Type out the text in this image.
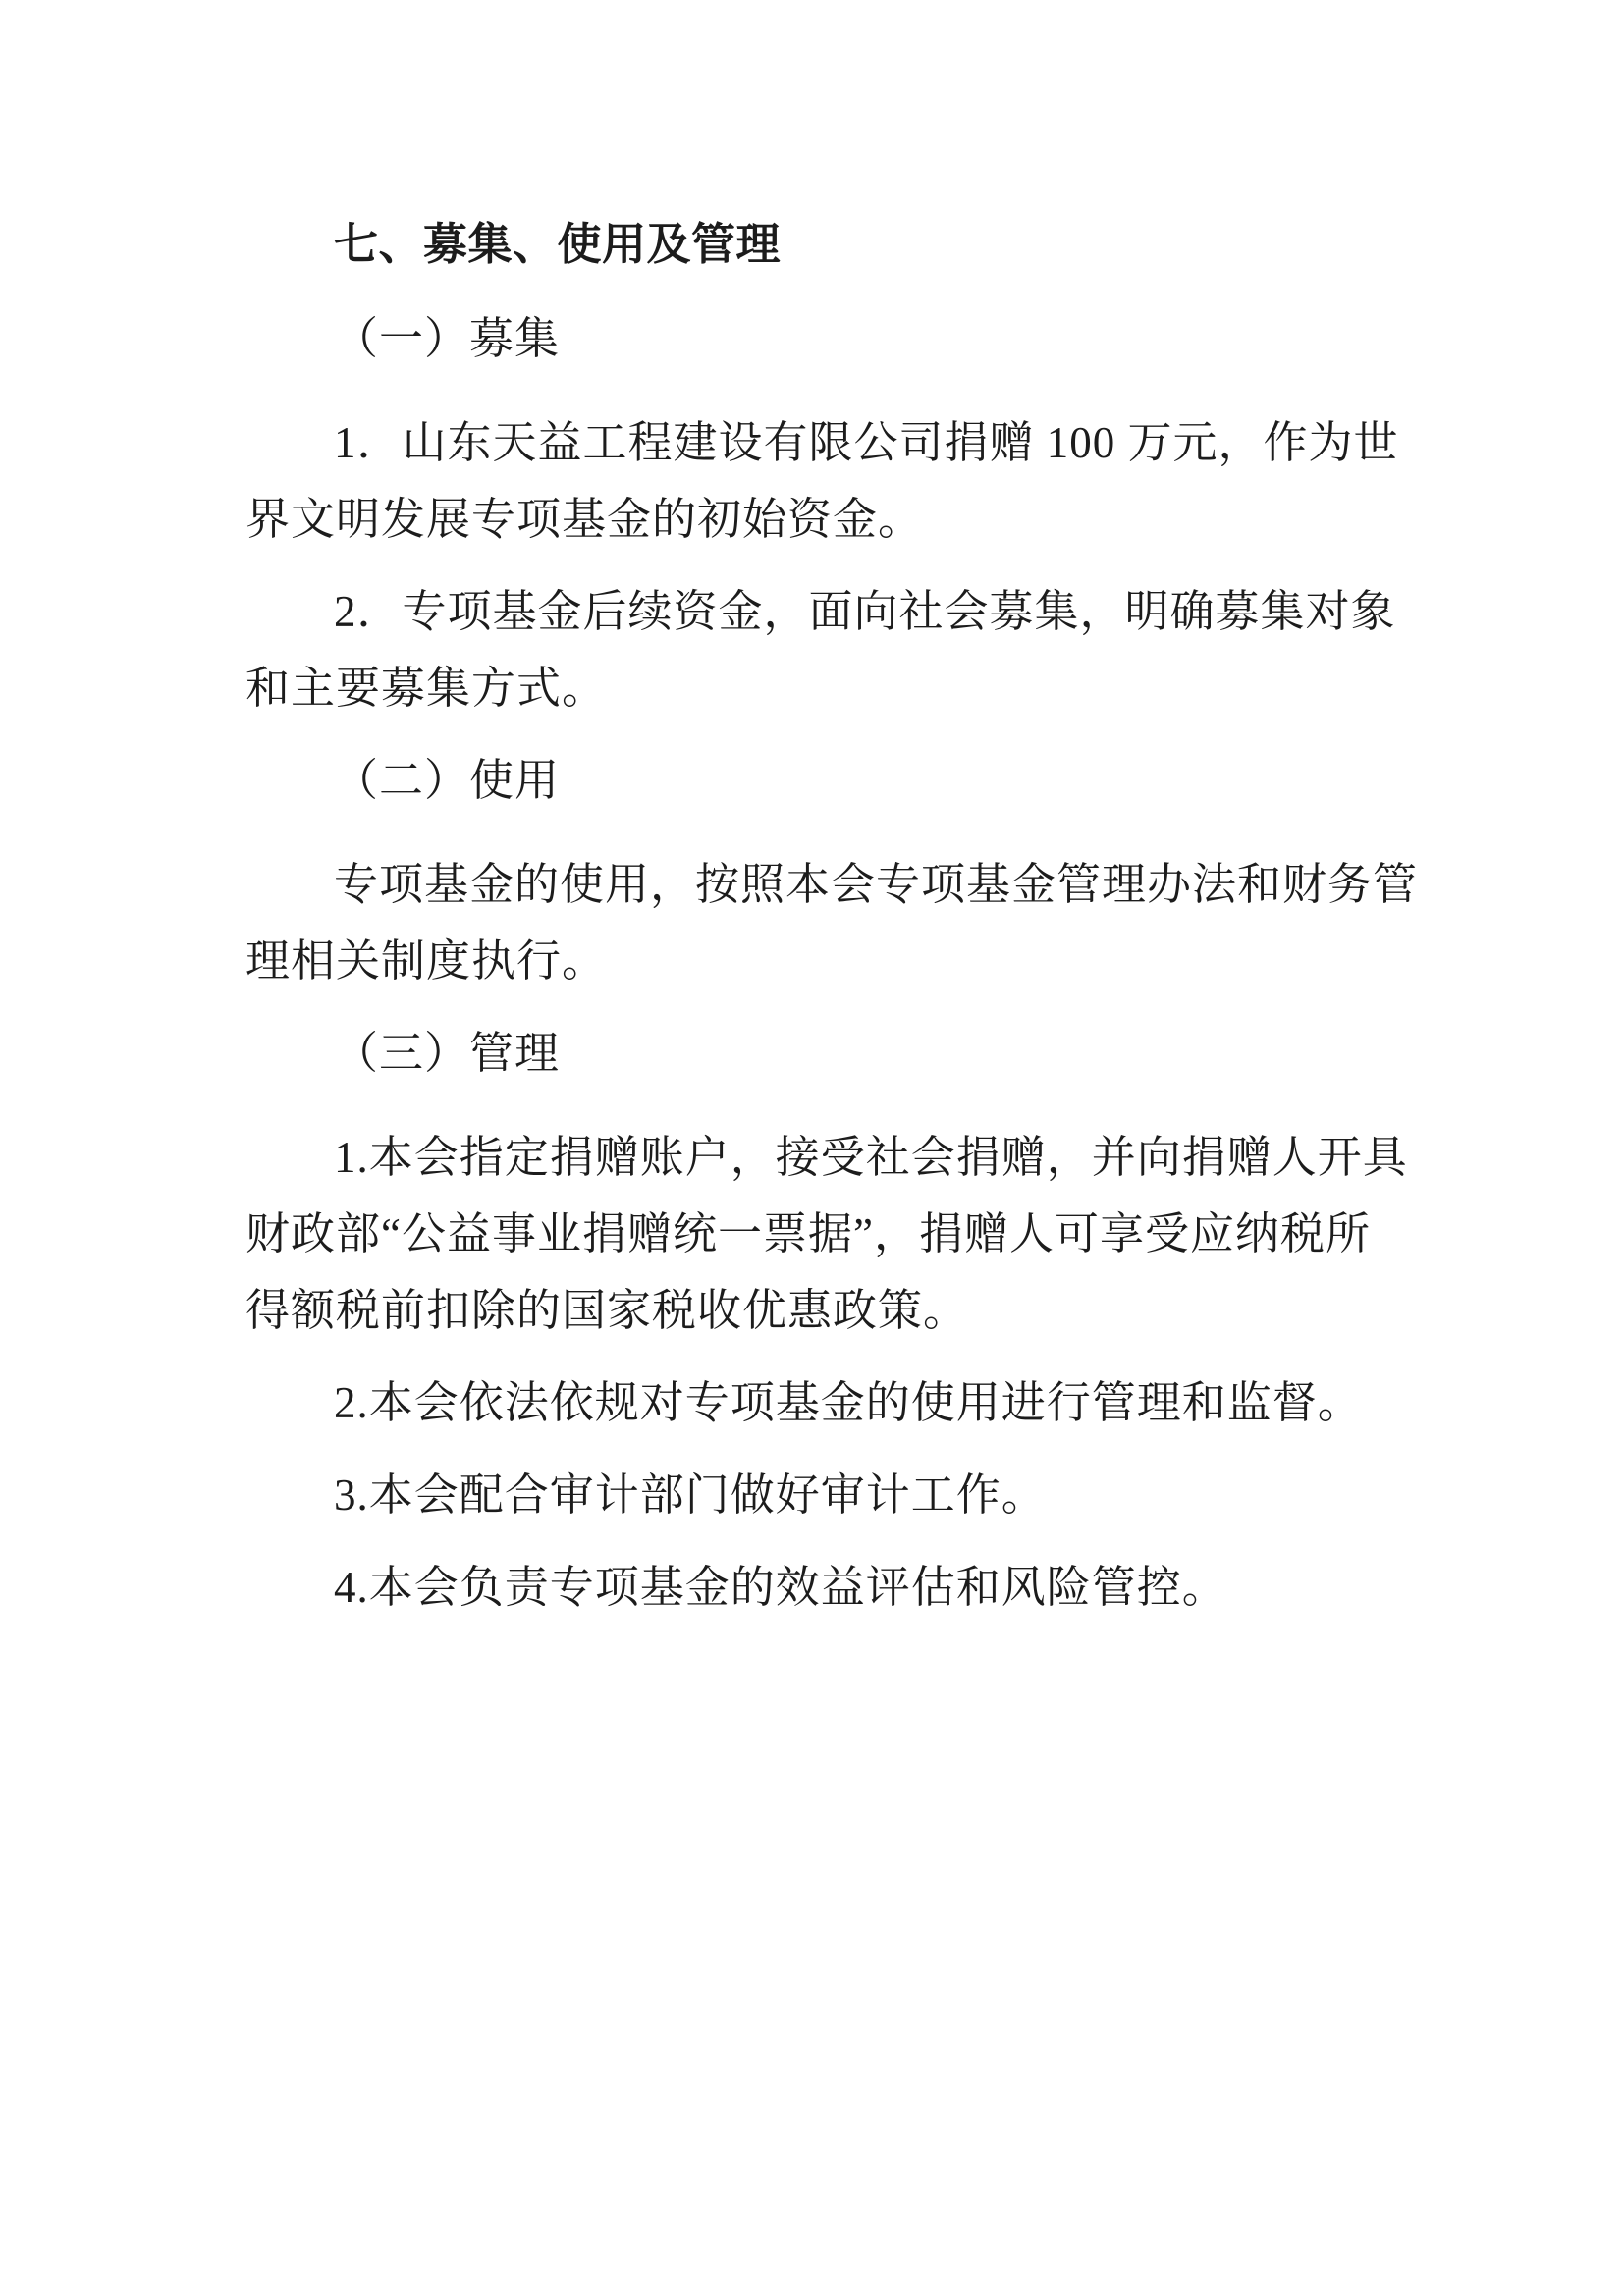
七、募集、使用及管理
（一）募集
1．山东天益工程建设有限公司捐赠 100 万元，作为世
界文明发展专项基金的初始资金。
2．专项基金后续资金，面向社会募集，明确募集对象
和主要募集方式。
（二）使用
专项基金的使用，按照本会专项基金管理办法和财务管
理相关制度执行。
（三）管理
1.本会指定捐赠账户，接受社会捐赠，并向捐赠人开具
财政部“公益事业捐赠统一票据”，捐赠人可享受应纳税所
得额税前扣除的国家税收优惠政策。
2.本会依法依规对专项基金的使用进行管理和监督。
3.本会配合审计部门做好审计工作。
4.本会负责专项基金的效益评估和风险管控。
